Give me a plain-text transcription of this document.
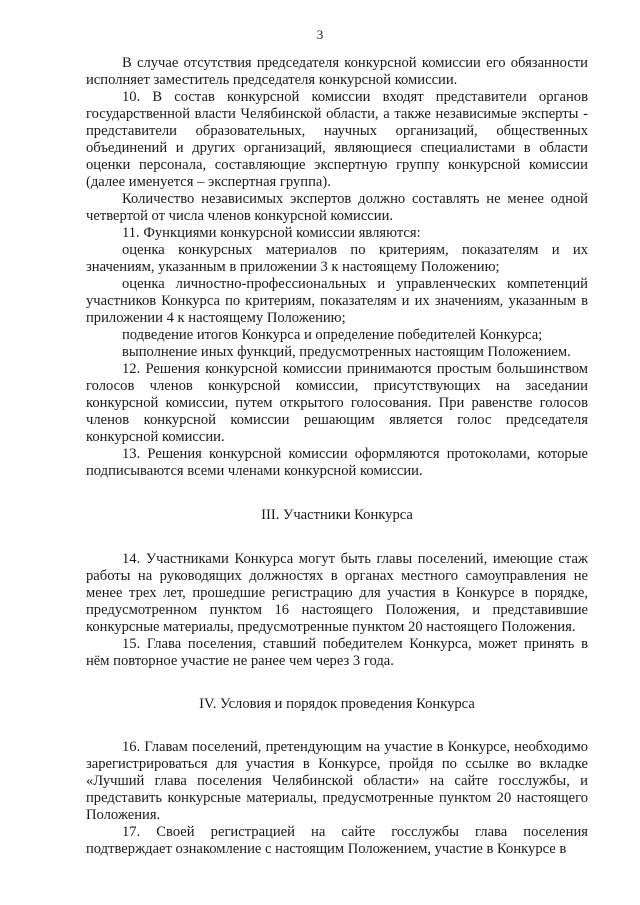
3

В случае отсутствия председателя конкурсной комиссии его обязанности исполняет заместитель председателя конкурсной комиссии.

10. В состав конкурсной комиссии входят представители органов государственной власти Челябинской области, а также независимые эксперты - представители образовательных, научных организаций, общественных объединений и других организаций, являющиеся специалистами в области оценки персонала, составляющие экспертную группу конкурсной комиссии (далее именуется – экспертная группа).

Количество независимых экспертов должно составлять не менее одной четвертой от числа членов конкурсной комиссии.

11. Функциями конкурсной комиссии являются:

оценка конкурсных материалов по критериям, показателям и их значениям, указанным в приложении 3 к настоящему Положению;

оценка личностно-профессиональных и управленческих компетенций участников Конкурса по критериям, показателям и их значениям, указанным в приложении 4 к настоящему Положению;

подведение итогов Конкурса и определение победителей Конкурса;

выполнение иных функций, предусмотренных настоящим Положением.

12. Решения конкурсной комиссии принимаются простым большинством голосов членов конкурсной комиссии, присутствующих на заседании конкурсной комиссии, путем открытого голосования. При равенстве голосов членов конкурсной комиссии решающим является голос председателя конкурсной комиссии.

13. Решения конкурсной комиссии оформляются протоколами, которые подписываются всеми членами конкурсной комиссии.

III. Участники Конкурса

14. Участниками Конкурса могут быть главы поселений, имеющие стаж работы на руководящих должностях в органах местного самоуправления не менее трех лет, прошедшие регистрацию для участия в Конкурсе в порядке, предусмотренном пунктом 16 настоящего Положения, и представившие конкурсные материалы, предусмотренные пунктом 20 настоящего Положения.

15. Глава поселения, ставший победителем Конкурса, может принять в нём повторное участие не ранее чем через 3 года.

IV. Условия и порядок проведения Конкурса

16. Главам поселений, претендующим на участие в Конкурсе, необходимо зарегистрироваться для участия в Конкурсе, пройдя по ссылке во вкладке «Лучший глава поселения Челябинской области» на сайте госслужбы, и представить конкурсные материалы, предусмотренные пунктом 20 настоящего Положения.

17. Своей регистрацией на сайте госслужбы глава поселения подтверждает ознакомление с настоящим Положением, участие в Конкурсе в
